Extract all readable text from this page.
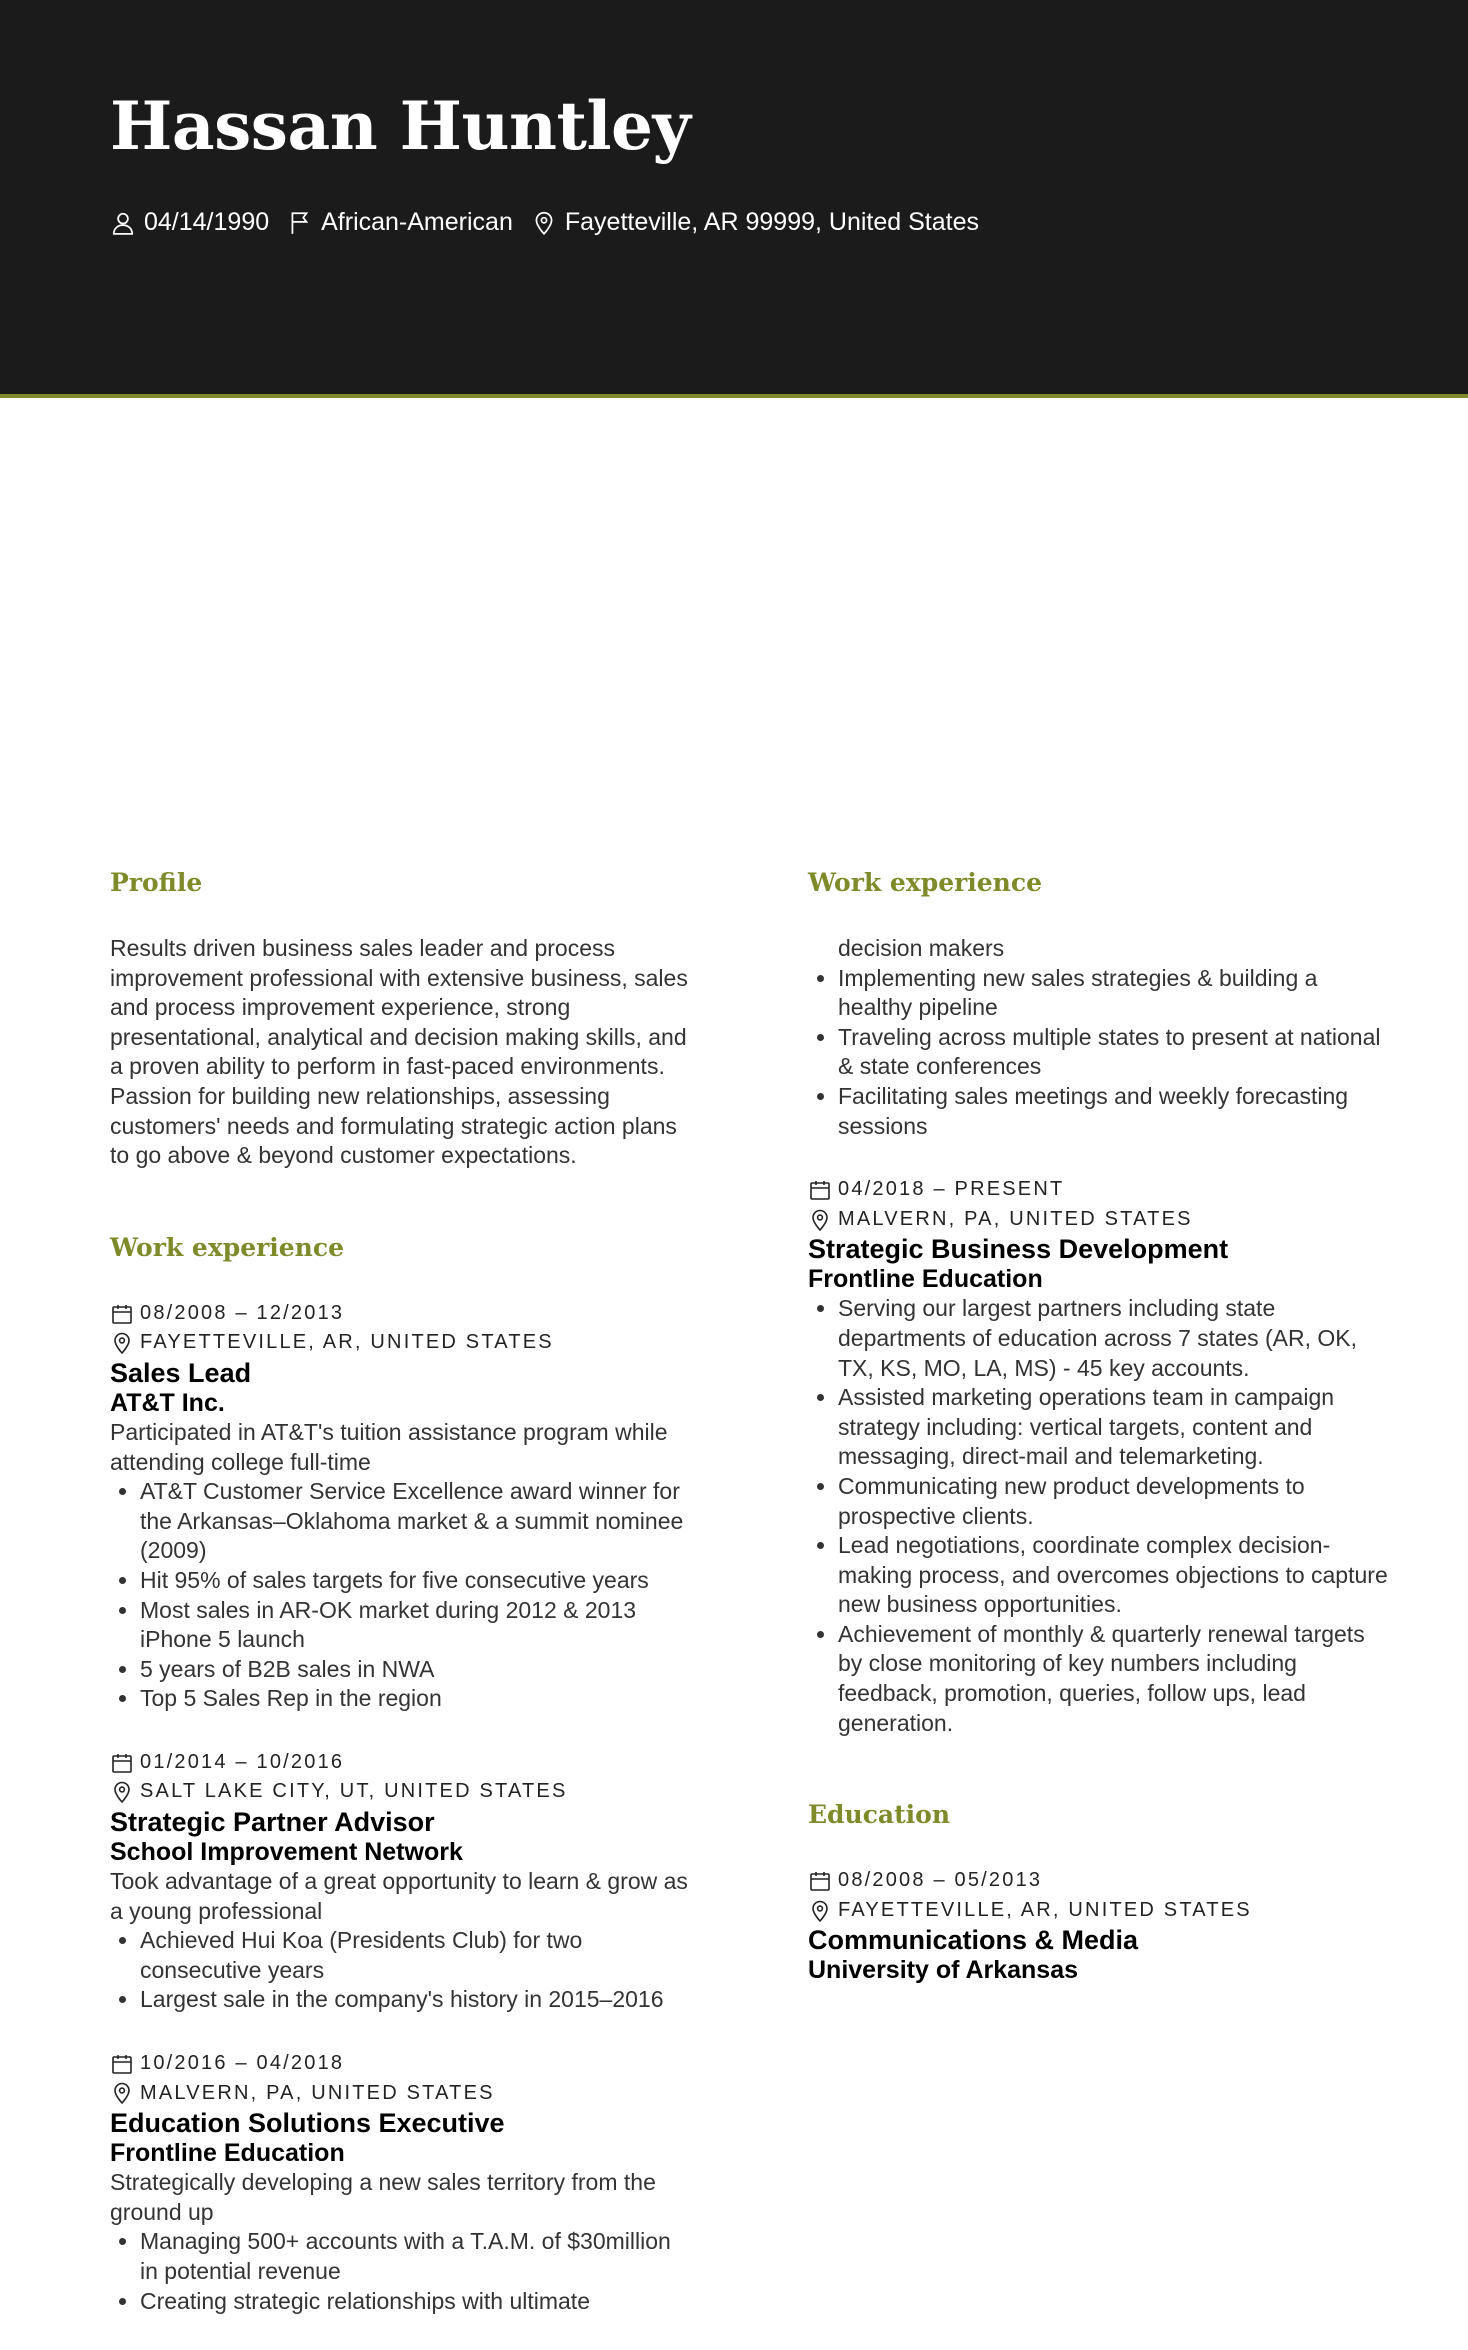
Hassan Huntley
04/14/1990 African-American Fayetteville, AR 99999, United States
Profile

Results driven business sales leader and process improvement professional with extensive business, sales and process improvement experience, strong presentational, analytical and decision making skills, and a proven ability to perform in fast-paced environments. Passion for building new relationships, assessing customers' needs and formulating strategic action plans to go above & beyond customer expectations.

Work experience
08/2008 – 12/2013
FAYETTEVILLE, AR, UNITED STATES

Sales Lead

AT&T Inc.

Participated in AT&T's tuition assistance program while attending college full-time

• AT&T Customer Service Excellence award winner for the Arkansas–Oklahoma market & a summit nominee (2009)
• Hit 95% of sales targets for five consecutive years
• Most sales in AR-OK market during 2012 & 2013 iPhone 5 launch
• 5 years of B2B sales in NWA
• Top 5 Sales Rep in the region
01/2014 – 10/2016
SALT LAKE CITY, UT, UNITED STATES

Strategic Partner Advisor

School Improvement Network

Took advantage of a great opportunity to learn & grow as a young professional

• Achieved Hui Koa (Presidents Club) for two consecutive years
• Largest sale in the company's history in 2015–2016
10/2016 – 04/2018
MALVERN, PA, UNITED STATES

Education Solutions Executive

Frontline Education

Strategically developing a new sales territory from the ground up

• Managing 500+ accounts with a T.A.M. of $30million in potential revenue
• Creating strategic relationships with ultimate
Work experience

decision makers

• Implementing new sales strategies & building a healthy pipeline
• Traveling across multiple states to present at national & state conferences
• Facilitating sales meetings and weekly forecasting sessions
04/2018 – PRESENT
MALVERN, PA, UNITED STATES

Strategic Business Development

Frontline Education

• Serving our largest partners including state departments of education across 7 states (AR, OK, TX, KS, MO, LA, MS) - 45 key accounts.
• Assisted marketing operations team in campaign strategy including: vertical targets, content and messaging, direct-mail and telemarketing.
• Communicating new product developments to prospective clients.
• Lead negotiations, coordinate complex decision-making process, and overcomes objections to capture new business opportunities.
• Achievement of monthly & quarterly renewal targets by close monitoring of key numbers including feedback, promotion, queries, follow ups, lead generation.
Education
08/2008 – 05/2013
FAYETTEVILLE, AR, UNITED STATES

Communications & Media

University of Arkansas
